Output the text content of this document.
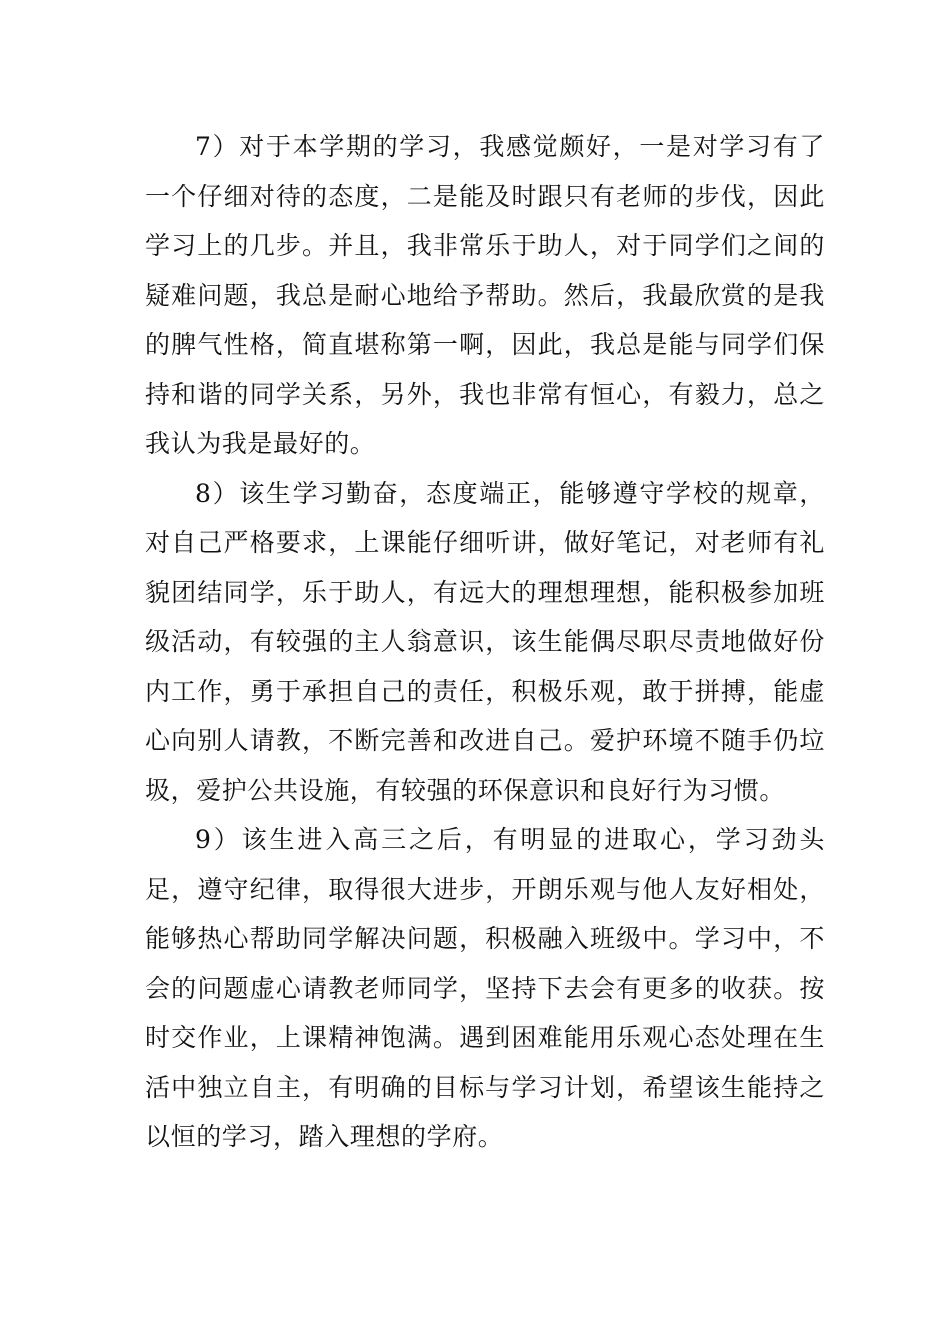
7）对于本学期的学习，我感觉颇好，一是对学习有了一个仔细对待的态度，二是能及时跟只有老师的步伐，因此学习上的几步。并且，我非常乐于助人，对于同学们之间的疑难问题，我总是耐心地给予帮助。然后，我最欣赏的是我的脾气性格，简直堪称第一啊，因此，我总是能与同学们保持和谐的同学关系，另外，我也非常有恒心，有毅力，总之我认为我是最好的。

8）该生学习勤奋，态度端正，能够遵守学校的规章，对自己严格要求，上课能仔细听讲，做好笔记，对老师有礼貌团结同学，乐于助人，有远大的理想理想，能积极参加班级活动，有较强的主人翁意识，该生能偶尽职尽责地做好份内工作，勇于承担自己的责任，积极乐观，敢于拼搏，能虚心向别人请教，不断完善和改进自己。爱护环境不随手仍垃圾，爱护公共设施，有较强的环保意识和良好行为习惯。

9）该生进入高三之后，有明显的进取心，学习劲头足，遵守纪律，取得很大进步，开朗乐观与他人友好相处，能够热心帮助同学解决问题，积极融入班级中。学习中，不会的问题虚心请教老师同学，坚持下去会有更多的收获。按时交作业，上课精神饱满。遇到困难能用乐观心态处理在生活中独立自主，有明确的目标与学习计划，希望该生能持之以恒的学习，踏入理想的学府。
